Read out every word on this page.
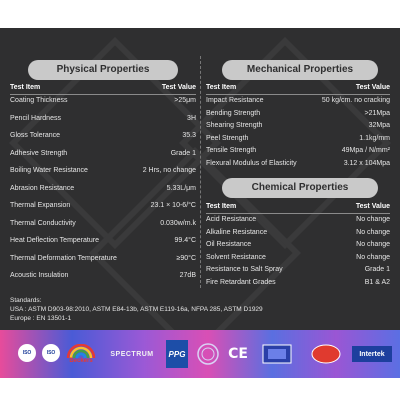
Technical Specifications
Physical Properties
Test Item	Test Value
Coating Thickness	>25μm
Pencil Hardness	3H
Gloss Tolerance	35.3
Adhesive Strength	Grade 1
Boiling Water Resistance	2 Hrs, no change
Abrasion Resistance	5.33L/μm
Thermal Expansion	23.1 × 10-6/°C
Thermal Conductivity	0.030w/m.k
Heat Deflection Temperature	99.4°C
Thermal Deformation Temperature	≥90°C
Acoustic Insulation	27dB
Mechanical Properties
Test Item	Test Value
Impact Resistance	50 kg/cm. no cracking
Bending Strength	>21Mpa
Shearing Strength	32Mpa
Peel Strength	1.1kg/mm
Tensile Strength	49Mpa / N/mm²
Flexural Modulus of Elasticity	3.12 x 104Mpa
Chemical Properties
Test Item	Test Value
Acid Resistance	No change
Alkaline Resistance	No change
Oil Resistance	No change
Solvent Resistance	No change
Resistance to Salt Spray	Grade 1
Fire Retardant Grades	B1 & A2
Standards:
USA : ASTM D903-98:2010, ASTM E84-13b, ASTM E119-16a, NFPA 285, ASTM D1929
Europe : EN 13501-1
ISO	ISO
Beckers
SPECTRUM PPG	CE	Intertek
